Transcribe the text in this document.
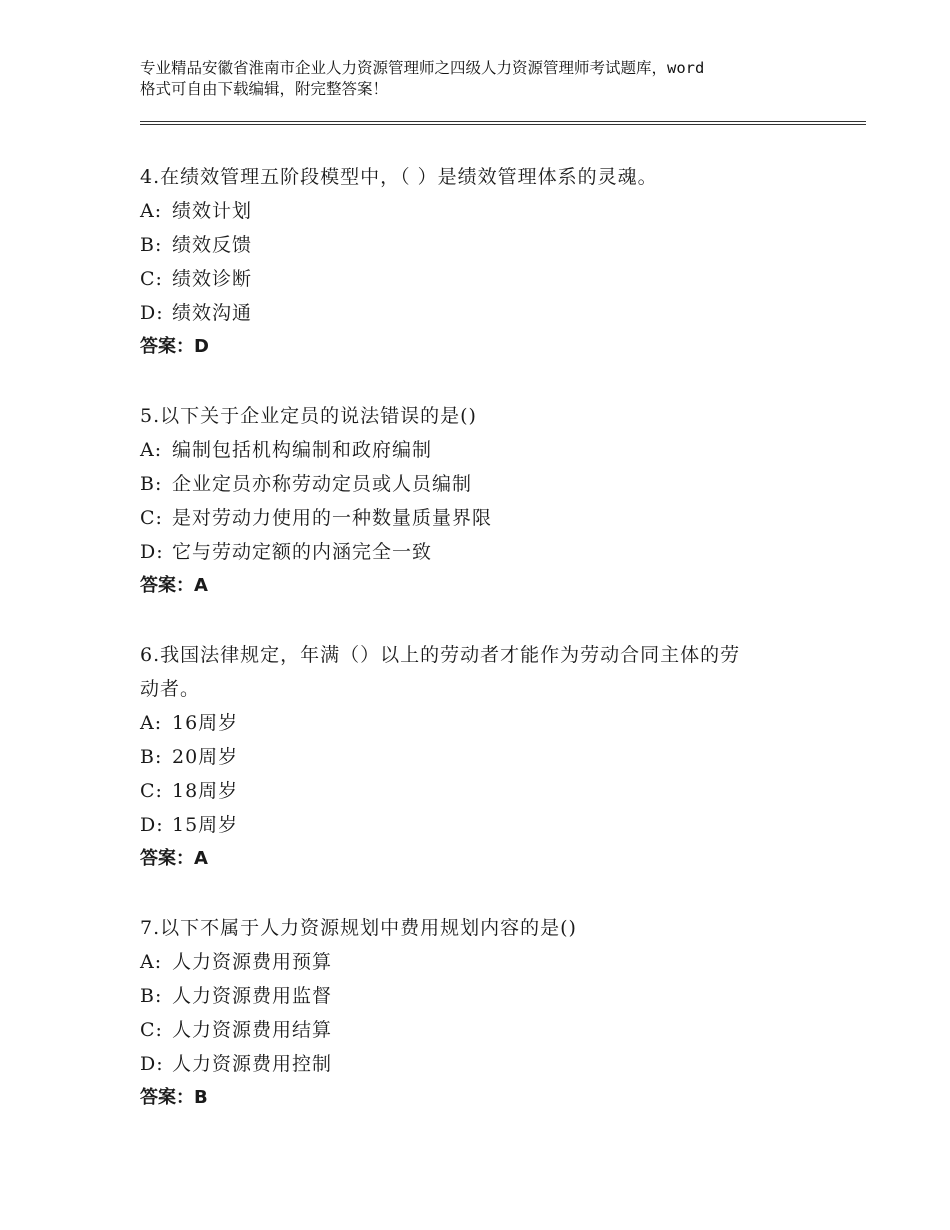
专业精品安徽省淮南市企业人力资源管理师之四级人力资源管理师考试题库，word
格式可自由下载编辑，附完整答案！
4.在绩效管理五阶段模型中，（ ）是绩效管理体系的灵魂。
A: 绩效计划
B: 绩效反馈
C: 绩效诊断
D: 绩效沟通
答案：D
5.以下关于企业定员的说法错误的是()
A: 编制包括机构编制和政府编制
B: 企业定员亦称劳动定员或人员编制
C: 是对劳动力使用的一种数量质量界限
D: 它与劳动定额的内涵完全一致
答案：A
6.我国法律规定，年满（）以上的劳动者才能作为劳动合同主体的劳
动者。
A: 16周岁
B: 20周岁
C: 18周岁
D: 15周岁
答案：A
7.以下不属于人力资源规划中费用规划内容的是()
A: 人力资源费用预算
B: 人力资源费用监督
C: 人力资源费用结算
D: 人力资源费用控制
答案：B
